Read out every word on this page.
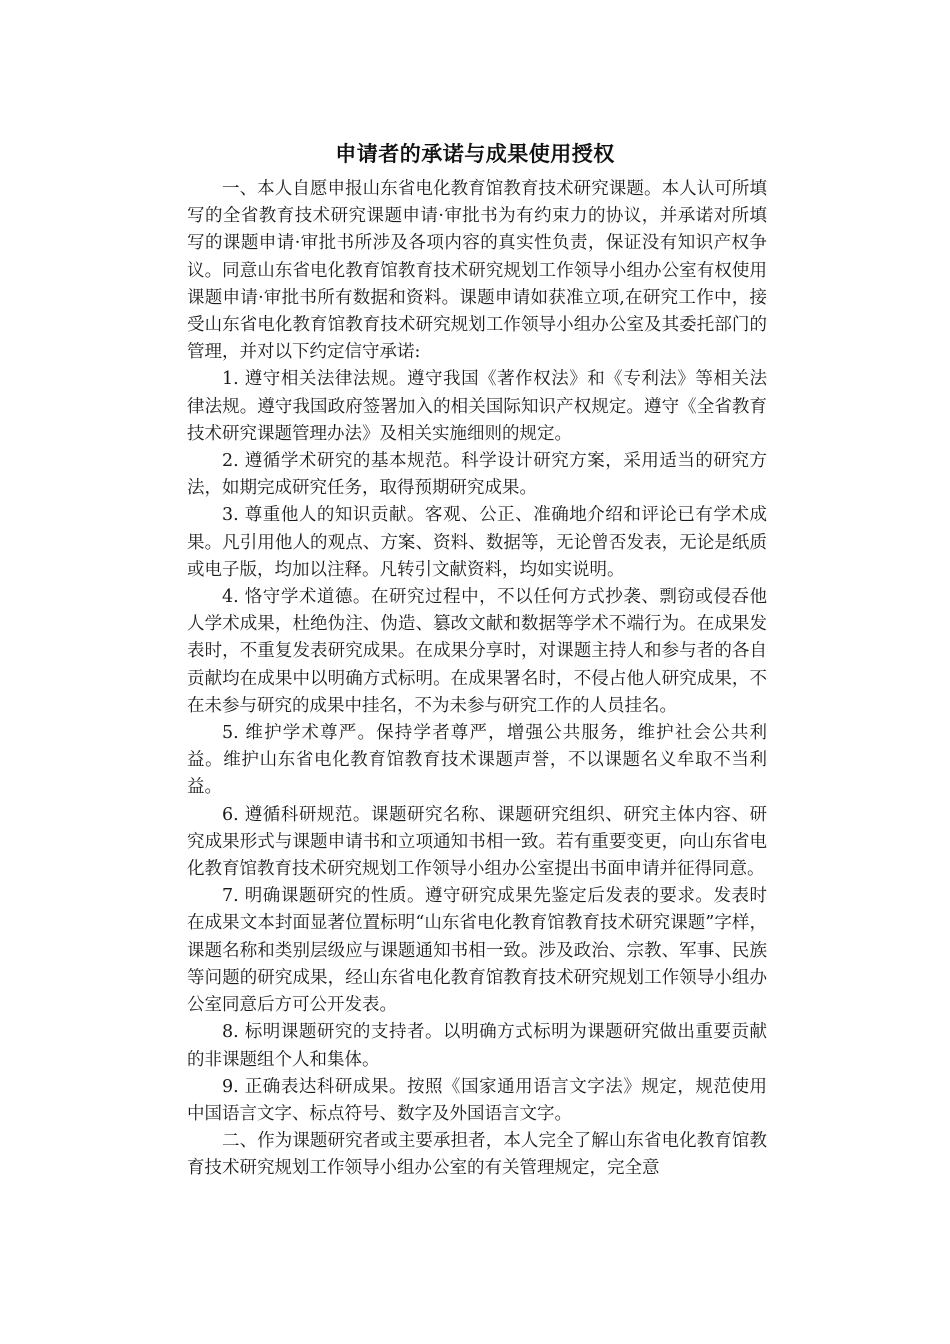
申请者的承诺与成果使用授权

一、本人自愿申报山东省电化教育馆教育技术研究课题。本人认可所填写的全省教育技术研究课题申请·审批书为有约束力的协议，并承诺对所填写的课题申请·审批书所涉及各项内容的真实性负责，保证没有知识产权争议。同意山东省电化教育馆教育技术研究规划工作领导小组办公室有权使用课题申请·审批书所有数据和资料。课题申请如获准立项,在研究工作中，接受山东省电化教育馆教育技术研究规划工作领导小组办公室及其委托部门的管理，并对以下约定信守承诺:

1. 遵守相关法律法规。遵守我国《著作权法》和《专利法》等相关法律法规。遵守我国政府签署加入的相关国际知识产权规定。遵守《全省教育技术研究课题管理办法》及相关实施细则的规定。

2. 遵循学术研究的基本规范。科学设计研究方案，采用适当的研究方法，如期完成研究任务，取得预期研究成果。

3. 尊重他人的知识贡献。客观、公正、准确地介绍和评论已有学术成果。凡引用他人的观点、方案、资料、数据等，无论曾否发表，无论是纸质或电子版，均加以注释。凡转引文献资料，均如实说明。

4. 恪守学术道德。在研究过程中，不以任何方式抄袭、剽窃或侵吞他人学术成果，杜绝伪注、伪造、篡改文献和数据等学术不端行为。在成果发表时，不重复发表研究成果。在成果分享时，对课题主持人和参与者的各自贡献均在成果中以明确方式标明。在成果署名时，不侵占他人研究成果，不在未参与研究的成果中挂名，不为未参与研究工作的人员挂名。

5. 维护学术尊严。保持学者尊严，增强公共服务，维护社会公共利益。维护山东省电化教育馆教育技术课题声誉，不以课题名义牟取不当利益。

6. 遵循科研规范。课题研究名称、课题研究组织、研究主体内容、研究成果形式与课题申请书和立项通知书相一致。若有重要变更，向山东省电化教育馆教育技术研究规划工作领导小组办公室提出书面申请并征得同意。

7. 明确课题研究的性质。遵守研究成果先鉴定后发表的要求。发表时在成果文本封面显著位置标明“山东省电化教育馆教育技术研究课题”字样，课题名称和类别层级应与课题通知书相一致。涉及政治、宗教、军事、民族等问题的研究成果，经山东省电化教育馆教育技术研究规划工作领导小组办公室同意后方可公开发表。

8. 标明课题研究的支持者。以明确方式标明为课题研究做出重要贡献的非课题组个人和集体。

9. 正确表达科研成果。按照《国家通用语言文字法》规定，规范使用中国语言文字、标点符号、数字及外国语言文字。

二、作为课题研究者或主要承担者，本人完全了解山东省电化教育馆教育技术研究规划工作领导小组办公室的有关管理规定，完全意
